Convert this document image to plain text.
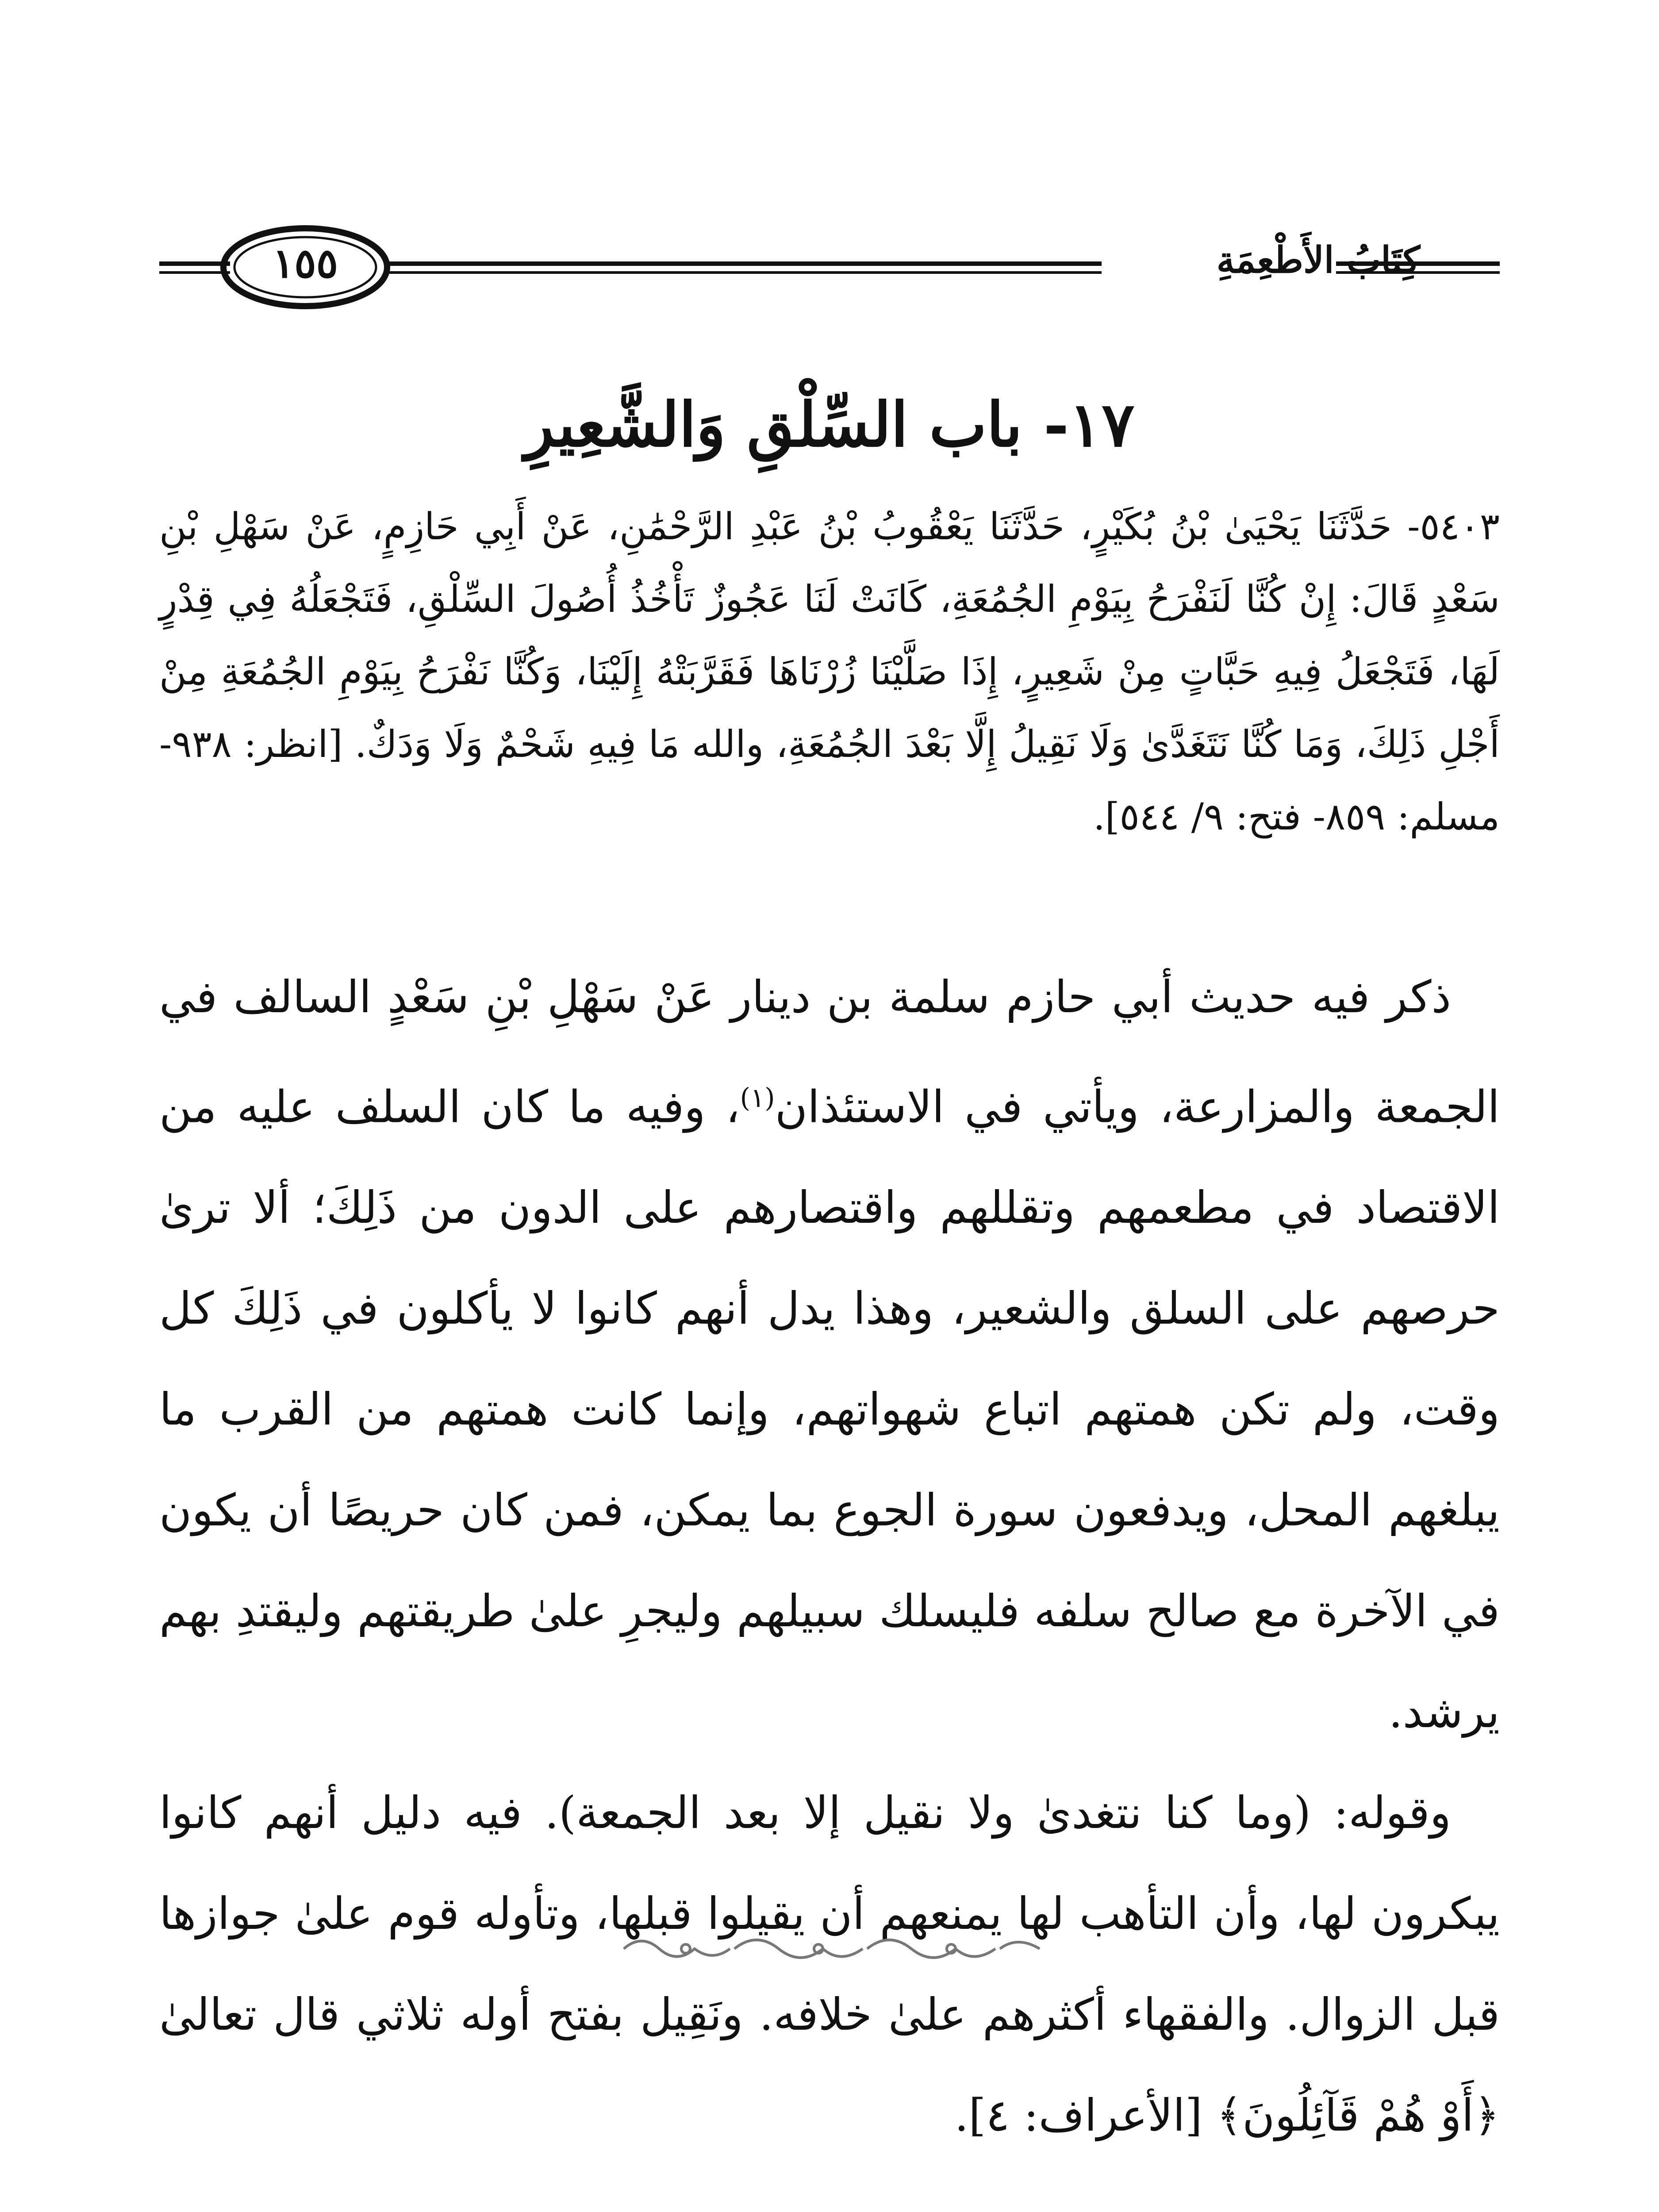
كِتَابُ الأَطْعِمَةِ
١٥٥
١٧- باب السِّلْقِ وَالشَّعِيرِ
٥٤٠٣- حَدَّثَنَا يَحْيَىٰ بْنُ بُكَيْرٍ، حَدَّثَنَا يَعْقُوبُ بْنُ عَبْدِ الرَّحْمَٰنِ، عَنْ أَبِي حَازِمٍ، عَنْ سَهْلِ بْنِ سَعْدٍ قَالَ: إِنْ كُنَّا لَنَفْرَحُ بِيَوْمِ الجُمُعَةِ، كَانَتْ لَنَا عَجُوزٌ تَأْخُذُ أُصُولَ السِّلْقِ، فَتَجْعَلُهُ فِي قِدْرٍ لَهَا، فَتَجْعَلُ فِيهِ حَبَّاتٍ مِنْ شَعِيرٍ، إِذَا صَلَّيْنَا زُرْنَاهَا فَقَرَّبَتْهُ إِلَيْنَا، وَكُنَّا نَفْرَحُ بِيَوْمِ الجُمُعَةِ مِنْ أَجْلِ ذَلِكَ، وَمَا كُنَّا نَتَغَدَّىٰ وَلَا نَقِيلُ إِلَّا بَعْدَ الجُمُعَةِ، والله مَا فِيهِ شَحْمٌ وَلَا وَدَكٌ. [انظر: ٩٣٨- مسلم: ٨٥٩- فتح: ٩/ ٥٤٤].

ذكر فيه حديث أبي حازم سلمة بن دينار عَنْ سَهْلِ بْنِ سَعْدٍ السالف في الجمعة والمزارعة، ويأتي في الاستئذان$^{(١)}$، وفيه ما كان السلف عليه من الاقتصاد في مطعمهم وتقللهم واقتصارهم على الدون من ذَلِكَ؛ ألا ترىٰ حرصهم على السلق والشعير، وهذا يدل أنهم كانوا لا يأكلون في ذَلِكَ كل وقت، ولم تكن همتهم اتباع شهواتهم، وإنما كانت همتهم من القرب ما يبلغهم المحل، ويدفعون سورة الجوع بما يمكن، فمن كان حريصًا أن يكون في الآخرة مع صالح سلفه فليسلك سبيلهم وليجرِ علىٰ طريقتهم وليقتدِ بهم يرشد.

وقوله: (وما كنا نتغدىٰ ولا نقيل إلا بعد الجمعة). فيه دليل أنهم كانوا يبكرون لها، وأن التأهب لها يمنعهم أن يقيلوا قبلها، وتأوله قوم علىٰ جوازها قبل الزوال. والفقهاء أكثرهم علىٰ خلافه. ونَقِيل بفتح أوله ثلاثي قال تعالىٰ ﴿أَوْ هُمْ قَآئِلُونَ﴾ [الأعراف: ٤].
